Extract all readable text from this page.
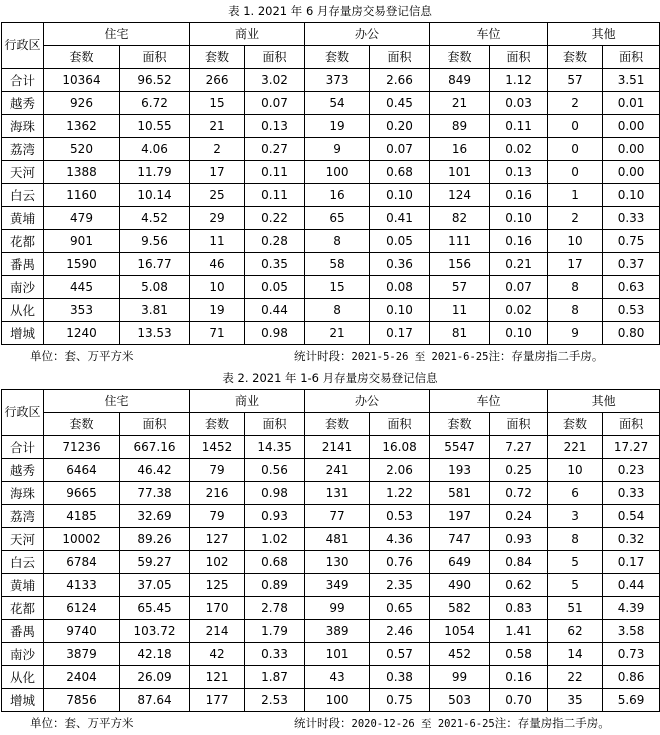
表 1. 2021 年 6 月存量房交易登记信息
行政区	住宅		商业		办公		车位		其他	
	套数	面积	套数	面积	套数	面积	套数	面积	套数	面积
合计	10364	96.52	266	3.02	373	2.66	849	1.12	57	3.51
越秀	926	6.72	15	0.07	54	0.45	21	0.03	2	0.01
海珠	1362	10.55	21	0.13	19	0.20	89	0.11	0	0.00
荔湾	520	4.06	2	0.27	9	0.07	16	0.02	0	0.00
天河	1388	11.79	17	0.11	100	0.68	101	0.13	0	0.00
白云	1160	10.14	25	0.11	16	0.10	124	0.16	1	0.10
黄埔	479	4.52	29	0.22	65	0.41	82	0.10	2	0.33
花都	901	9.56	11	0.28	8	0.05	111	0.16	10	0.75
番禺	1590	16.77	46	0.35	58	0.36	156	0.21	17	0.37
南沙	445	5.08	10	0.05	15	0.08	57	0.07	8	0.63
从化	353	3.81	19	0.44	8	0.10	11	0.02	8	0.53
增城	1240	13.53	71	0.98	21	0.17	81	0.10	9	0.80
单位：套、万平方米	统计时段：2021-5-26 至 2021-6-25注：存量房指二手房。
表 2. 2021 年 1-6 月存量房交易登记信息
行政区	住宅		商业		办公		车位		其他	
	套数	面积	套数	面积	套数	面积	套数	面积	套数	面积
合计	71236	667.16	1452	14.35	2141	16.08	5547	7.27	221	17.27
越秀	6464	46.42	79	0.56	241	2.06	193	0.25	10	0.23
海珠	9665	77.38	216	0.98	131	1.22	581	0.72	6	0.33
荔湾	4185	32.69	79	0.93	77	0.53	197	0.24	3	0.54
天河	10002	89.26	127	1.02	481	4.36	747	0.93	8	0.32
白云	6784	59.27	102	0.68	130	0.76	649	0.84	5	0.17
黄埔	4133	37.05	125	0.89	349	2.35	490	0.62	5	0.44
花都	6124	65.45	170	2.78	99	0.65	582	0.83	51	4.39
番禺	9740	103.72	214	1.79	389	2.46	1054	1.41	62	3.58
南沙	3879	42.18	42	0.33	101	0.57	452	0.58	14	0.73
从化	2404	26.09	121	1.87	43	0.38	99	0.16	22	0.86
增城	7856	87.64	177	2.53	100	0.75	503	0.70	35	5.69
单位：套、万平方米	统计时段：2020-12-26 至 2021-6-25注：存量房指二手房。
